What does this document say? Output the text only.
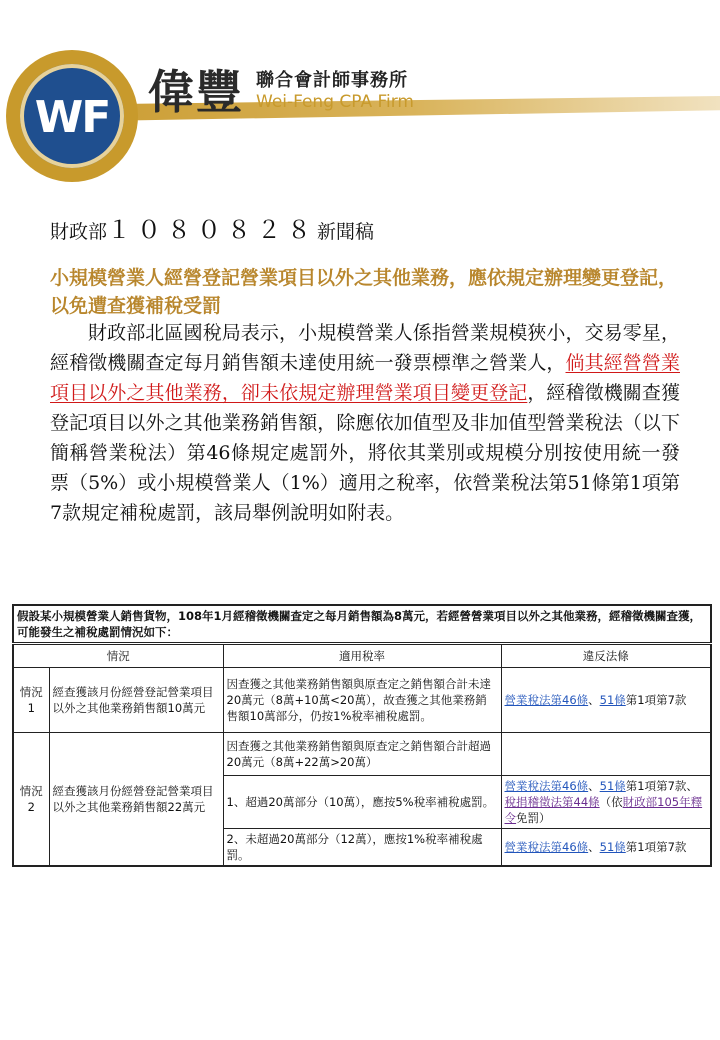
WF 偉豐 聯合會計師事務所
Wei-Feng CPA Firm
財政部１０８０８２８新聞稿
小規模營業人經營登記營業項目以外之其他業務，應依規定辦理變更登記，以免遭查獲補稅受罰
財政部北區國稅局表示，小規模營業人係指營業規模狹小，交易零星，經稽徵機關查定每月銷售額未達使用統一發票標準之營業人，倘其經營營業項目以外之其他業務，卻未依規定辦理營業項目變更登記，經稽徵機關查獲登記項目以外之其他業務銷售額，除應依加值型及非加值型營業稅法（以下簡稱營業稅法）第46條規定處罰外，將依其業別或規模分別按使用統一發票（5%）或小規模營業人（1%）適用之稅率，依營業稅法第51條第1項第7款規定補稅處罰，該局舉例說明如附表。
假設某小規模營業人銷售貨物，108年1月經稽徵機關查定之每月銷售額為8萬元，若經營營業項目以外之其他業務，經稽徵機關查獲，可能發生之補稅處罰情況如下：			
情況		適用稅率	違反法條
情況1	經查獲該月份經營登記營業項目以外之其他業務銷售額10萬元	因查獲之其他業務銷售額與原查定之銷售額合計未達20萬元（8萬+10萬<20萬），故查獲之其他業務銷售額10萬部分，仍按1%稅率補稅處罰。	營業稅法第46條、51條第1項第7款
情況2	經查獲該月份經營登記營業項目以外之其他業務銷售額22萬元	因查獲之其他業務銷售額與原查定之銷售額合計超過20萬元（8萬+22萬>20萬）	
		1、超過20萬部分（10萬），應按5%稅率補稅處罰。	營業稅法第46條、51條第1項第7款、稅捐稽徵法第44條（依財政部105年釋令免罰）
		2、未超過20萬部分（12萬），應按1%稅率補稅處罰。	營業稅法第46條、51條第1項第7款
